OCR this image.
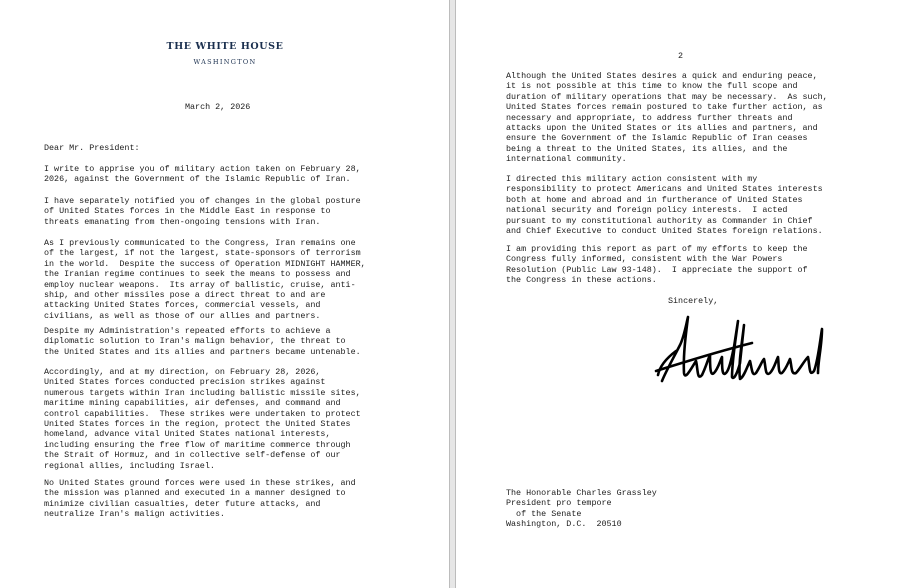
THE WHITE HOUSE
WASHINGTON
March 2, 2026
Dear Mr. President:

I write to apprise you of military action taken on February 28,
2026, against the Government of the Islamic Republic of Iran.

I have separately notified you of changes in the global posture
of United States forces in the Middle East in response to
threats emanating from then-ongoing tensions with Iran.

As I previously communicated to the Congress, Iran remains one
of the largest, if not the largest, state-sponsors of terrorism
in the world.  Despite the success of Operation MIDNIGHT HAMMER,
the Iranian regime continues to seek the means to possess and
employ nuclear weapons.  Its array of ballistic, cruise, anti-
ship, and other missiles pose a direct threat to and are
attacking United States forces, commercial vessels, and
civilians, as well as those of our allies and partners.

Despite my Administration's repeated efforts to achieve a
diplomatic solution to Iran's malign behavior, the threat to
the United States and its allies and partners became untenable.

Accordingly, and at my direction, on February 28, 2026,
United States forces conducted precision strikes against
numerous targets within Iran including ballistic missile sites,
maritime mining capabilities, air defenses, and command and
control capabilities.  These strikes were undertaken to protect
United States forces in the region, protect the United States
homeland, advance vital United States national interests,
including ensuring the free flow of maritime commerce through
the Strait of Hormuz, and in collective self-defense of our
regional allies, including Israel.

No United States ground forces were used in these strikes, and
the mission was planned and executed in a manner designed to
minimize civilian casualties, deter future attacks, and
neutralize Iran's malign activities.

2

Although the United States desires a quick and enduring peace,
it is not possible at this time to know the full scope and
duration of military operations that may be necessary.  As such,
United States forces remain postured to take further action, as
necessary and appropriate, to address further threats and
attacks upon the United States or its allies and partners, and
ensure the Government of the Islamic Republic of Iran ceases
being a threat to the United States, its allies, and the
international community.

I directed this military action consistent with my
responsibility to protect Americans and United States interests
both at home and abroad and in furtherance of United States
national security and foreign policy interests.  I acted
pursuant to my constitutional authority as Commander in Chief
and Chief Executive to conduct United States foreign relations.

I am providing this report as part of my efforts to keep the
Congress fully informed, consistent with the War Powers
Resolution (Public Law 93-148).  I appreciate the support of
the Congress in these actions.

Sincerely,
The Honorable Charles Grassley
President pro tempore
of the Senate
Washington, D.C.  20510
